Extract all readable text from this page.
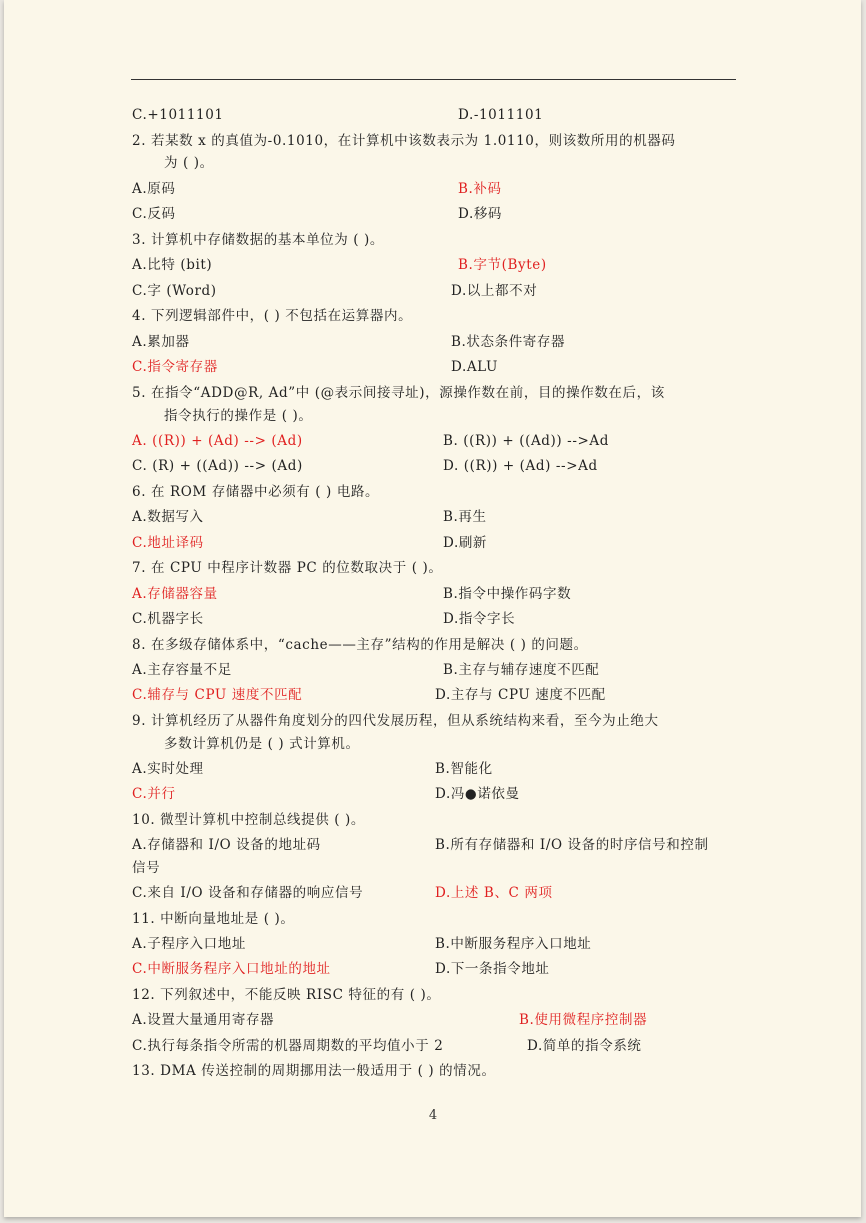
C.+1011101	D.-1011101
2. 若某数 x 的真值为-0.1010，在计算机中该数表示为 1.0110，则该数所用的机器码
为 ( )。
A.原码	B.补码
C.反码	D.移码
3. 计算机中存储数据的基本单位为 ( )。
A.比特 (bit)	B.字节(Byte)
C.字 (Word)	D.以上都不对
4. 下列逻辑部件中，( ) 不包括在运算器内。
A.累加器	B.状态条件寄存器
C.指令寄存器	D.ALU
5. 在指令“ADD@R, Ad”中 (@表示间接寻址)，源操作数在前，目的操作数在后，该
指令执行的操作是 ( )。
A. ((R)) + (Ad) --> (Ad)	B. ((R)) + ((Ad)) -->Ad
C. (R) + ((Ad)) --> (Ad)	D. ((R)) + (Ad) -->Ad
6. 在 ROM 存储器中必须有 ( ) 电路。
A.数据写入	B.再生
C.地址译码	D.刷新
7. 在 CPU 中程序计数器 PC 的位数取决于 ( )。
A.存储器容量	B.指令中操作码字数
C.机器字长	D.指令字长
8. 在多级存储体系中，“cache——主存”结构的作用是解决 ( ) 的问题。
A.主存容量不足	B.主存与辅存速度不匹配
C.辅存与 CPU 速度不匹配	D.主存与 CPU 速度不匹配
9. 计算机经历了从器件角度划分的四代发展历程，但从系统结构来看，至今为止绝大
多数计算机仍是 ( ) 式计算机。
A.实时处理	B.智能化
C.并行	D.冯●诺依曼
10. 微型计算机中控制总线提供 ( )。
A.存储器和 I/O 设备的地址码	B.所有存储器和 I/O 设备的时序信号和控制
信号
C.来自 I/O 设备和存储器的响应信号	D.上述 B、C 两项
11. 中断向量地址是 ( )。
A.子程序入口地址	B.中断服务程序入口地址
C.中断服务程序入口地址的地址	D.下一条指令地址
12. 下列叙述中，不能反映 RISC 特征的有 ( )。
A.设置大量通用寄存器	B.使用微程序控制器
C.执行每条指令所需的机器周期数的平均值小于 2	D.简单的指令系统
13. DMA 传送控制的周期挪用法一般适用于 ( ) 的情况。
4
